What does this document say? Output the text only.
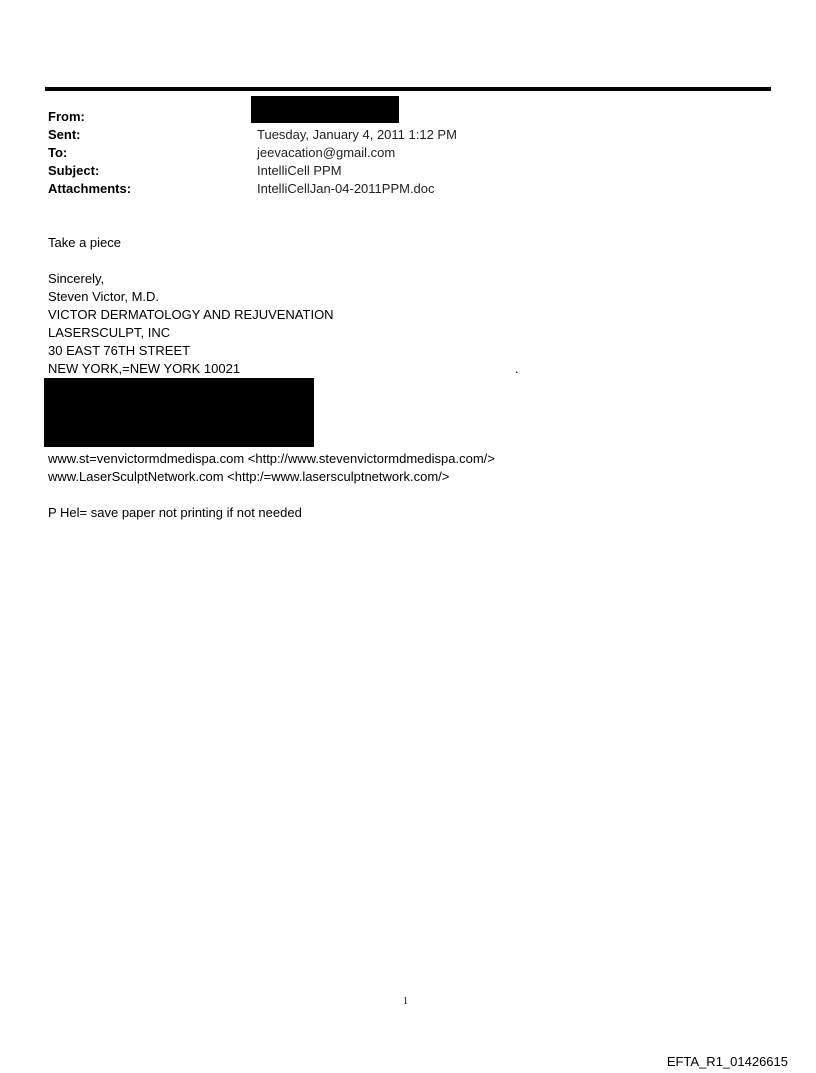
From:
Sent:	Tuesday, January 4, 2011 1:12 PM
To:	jeevacation@gmail.com
Subject:	IntelliCell PPM
Attachments:	IntelliCellJan-04-2011PPM.doc
Take a piece
Sincerely,
Steven Victor, M.D.
VICTOR DERMATOLOGY AND REJUVENATION
LASERSCULPT, INC
30 EAST 76TH STREET
NEW YORK,=NEW YORK 10021	.
www.st=venvictormdmedispa.com <http://www.stevenvictormdmedispa.com/>
www.LaserSculptNetwork.com <http:/=www.lasersculptnetwork.com/>
P Hel= save paper not printing if not needed
1
EFTA_R1_01426615
